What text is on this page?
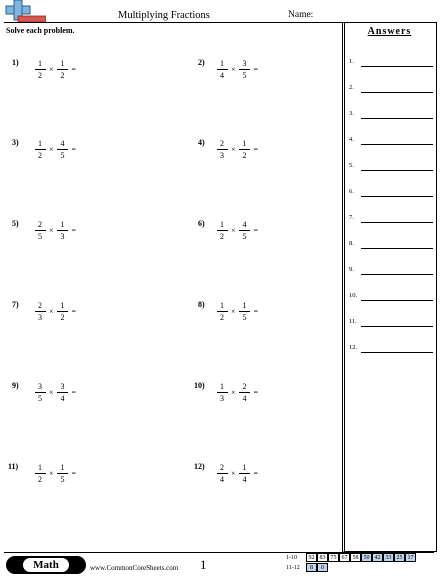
Multiplying Fractions	Name:
Solve each problem.	Answers
1.
2.
3.
4.
5.
6.
7.
8.
9.
10.
11.
12.
$1) \frac{1}{2} \times \frac{1}{2}$ =
$3) \frac{1}{2} \times \frac{4}{5}$ =
$5) \frac{2}{5} \times \frac{1}{3}$ =
$7) \frac{2}{3} \times \frac{1}{2}$ =
$9) \frac{3}{5} \times \frac{3}{4}$ =
$11) \frac{1}{2} \times \frac{1}{5}$ =
$2) \frac{1}{4} \times \frac{3}{5}$ =
$4) \frac{2}{3} \times \frac{1}{2}$ =
$6) \frac{1}{2} \times \frac{4}{5}$ =
$8) \frac{1}{2} \times \frac{1}{5}$ =
$10) \frac{1}{3} \times \frac{2}{4}$ =
$12) \frac{2}{4} \times \frac{1}{4}$ =
Math	www.CommonCoreSheets.com 1	1-10	92 83 75 67 58 50 42 33 25 17
11-12	8	0
